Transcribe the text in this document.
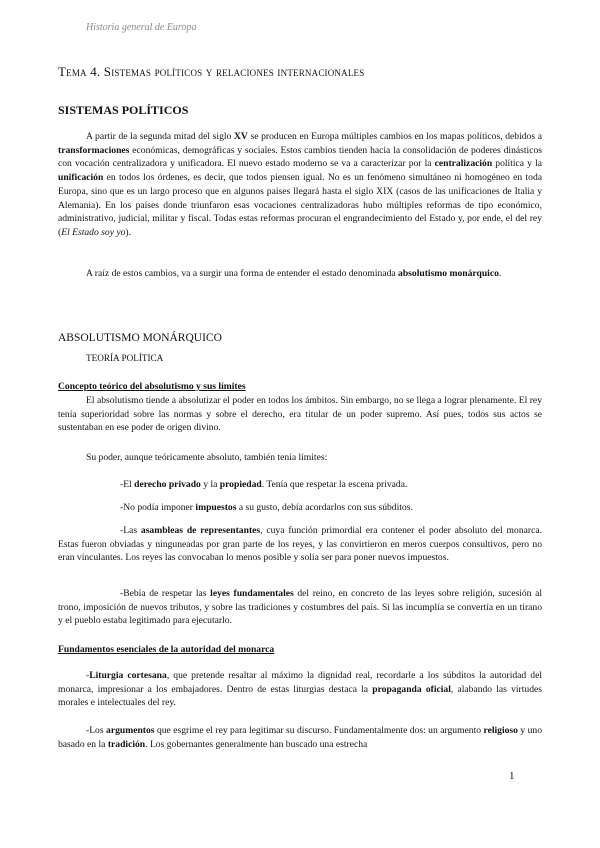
Historia general de Europa
Tema 4. Sistemas políticos y relaciones internacionales
SISTEMAS POLÍTICOS

A partir de la segunda mitad del siglo XV se producen en Europa múltiples cambios en los mapas políticos, debidos a transformaciones económicas, demográficas y sociales. Estos cambios tienden hacia la consolidación de poderes dinásticos con vocación centralizadora y unificadora. El nuevo estado moderno se va a caracterizar por la centralización política y la unificación en todos los órdenes, es decir, que todos piensen igual. No es un fenómeno simultáneo ni homogéneo en toda Europa, sino que es un largo proceso que en algunos países llegará hasta el siglo XIX (casos de las unificaciones de Italia y Alemania). En los países donde triunfaron esas vocaciones centralizadoras hubo múltiples reformas de tipo económico, administrativo, judicial, militar y fiscal. Todas estas reformas procuran el engrandecimiento del Estado y, por ende, el del rey (El Estado soy yo).

A raíz de estos cambios, va a surgir una forma de entender el estado denominada absolutismo monárquico.

ABSOLUTISMO MONÁRQUICO
TEORÍA POLÍTICA
Concepto teórico del absolutismo y sus límites

El absolutismo tiende a absolutizar el poder en todos los ámbitos. Sin embargo, no se llega a lograr plenamente. El rey tenía superioridad sobre las normas y sobre el derecho, era titular de un poder supremo. Así pues, todos sus actos se sustentaban en ese poder de origen divino.

Su poder, aunque teóricamente absoluto, también tenía límites:

-El derecho privado y la propiedad. Tenía que respetar la escena privada.

-No podía imponer impuestos a su gusto, debía acordarlos con sus súbditos.

-Las asambleas de representantes, cuya función primordial era contener el poder absoluto del monarca. Estas fueron obviadas y ninguneadas por gran parte de los reyes, y las convirtieron en meros cuerpos consultivos, pero no eran vinculantes. Los reyes las convocaban lo menos posible y solía ser para poner nuevos impuestos.

-Bebía de respetar las leyes fundamentales del reino, en concreto de las leyes sobre religión, sucesión al trono, imposición de nuevos tributos, y sobre las tradiciones y costumbres del país. Si las incumplía se convertía en un tirano y el pueblo estaba legitimado para ejecutarlo.

Fundamentos esenciales de la autoridad del monarca

-Liturgia cortesana, que pretende resaltar al máximo la dignidad real, recordarle a los súbditos la autoridad del monarca, impresionar a los embajadores. Dentro de estas liturgias destaca la propaganda oficial, alabando las virtudes morales e intelectuales del rey.

-Los argumentos que esgrime el rey para legitimar su discurso. Fundamentalmente dos: un argumento religioso y uno basado en la tradición. Los gobernantes generalmente han buscado una estrecha

1
